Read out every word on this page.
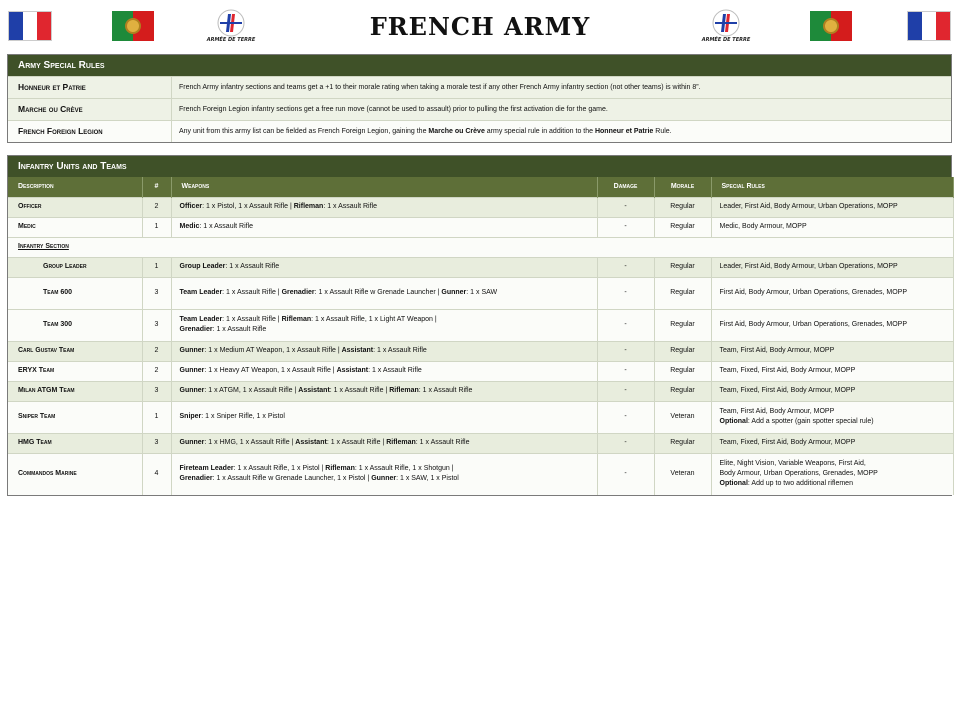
ARMÉE DE TERRE	FRENCH ARMY	ARMÉE DE TERRE
Army Special Rules
Honneur et Patrie	French Army infantry sections and teams get a +1 to their morale rating when taking a morale test if any other French Army infantry section (not other teams) is within 8”.
Marche ou Crève	French Foreign Legion infantry sections get a free run move (cannot be used to assault) prior to pulling the first activation die for the game.
French Foreign Legion	Any unit from this army list can be fielded as French Foreign Legion, gaining the Marche ou Crève army special rule in addition to the Honneur et Patrie Rule.
Infantry Units and Teams
Description	#	Weapons	Damage	Morale	Special Rules
Officer	2	Officer: 1 x Pistol, 1 x Assault Rifle | Rifleman: 1 x Assault Rifle	-	Regular	Leader, First Aid, Body Armour, Urban Operations, MOPP
Medic	1	Medic: 1 x Assault Rifle	-	Regular	Medic, Body Armour, MOPP
Infantry Section					
Group Leader	1	Group Leader: 1 x Assault Rifle	-	Regular	Leader, First Aid, Body Armour, Urban Operations, MOPP
Team 600	3	Team Leader: 1 x Assault Rifle | Grenadier: 1 x Assault Rifle w Grenade Launcher | Gunner: 1 x SAW	-	Regular	First Aid, Body Armour, Urban Operations, Grenades, MOPP
Team 300	3	Team Leader: 1 x Assault Rifle | Rifleman: 1 x Assault Rifle, 1 x Light AT Weapon |
Grenadier: 1 x Assault Rifle	-	Regular	First Aid, Body Armour, Urban Operations, Grenades, MOPP
Carl Gustav Team	2	Gunner: 1 x Medium AT Weapon, 1 x Assault Rifle | Assistant: 1 x Assault Rifle	-	Regular	Team, First Aid, Body Armour, MOPP
ERYX Team	2	Gunner: 1 x Heavy AT Weapon, 1 x Assault Rifle | Assistant: 1 x Assault Rifle	-	Regular	Team, Fixed, First Aid, Body Armour, MOPP
Milan ATGM Team	3	Gunner: 1 x ATGM, 1 x Assault Rifle | Assistant: 1 x Assault Rifle | Rifleman: 1 x Assault Rifle	-	Regular	Team, Fixed, First Aid, Body Armour, MOPP
Sniper Team	1	Sniper: 1 x Sniper Rifle, 1 x Pistol	-	Veteran	Team, First Aid, Body Armour, MOPP
Optional: Add a spotter (gain spotter special rule)
HMG Team	3	Gunner: 1 x HMG, 1 x Assault Rifle | Assistant: 1 x Assault Rifle | Rifleman: 1 x Assault Rifle	-	Regular	Team, Fixed, First Aid, Body Armour, MOPP
Commandos Marine	4	Fireteam Leader: 1 x Assault Rifle, 1 x Pistol | Rifleman: 1 x Assault Rifle, 1 x Shotgun |
Grenadier: 1 x Assault Rifle w Grenade Launcher, 1 x Pistol | Gunner: 1 x SAW, 1 x Pistol	-	Veteran	Elite, Night Vision, Variable Weapons, First Aid,
Body Armour, Urban Operations, Grenades, MOPP
Optional: Add up to two additional riflemen
